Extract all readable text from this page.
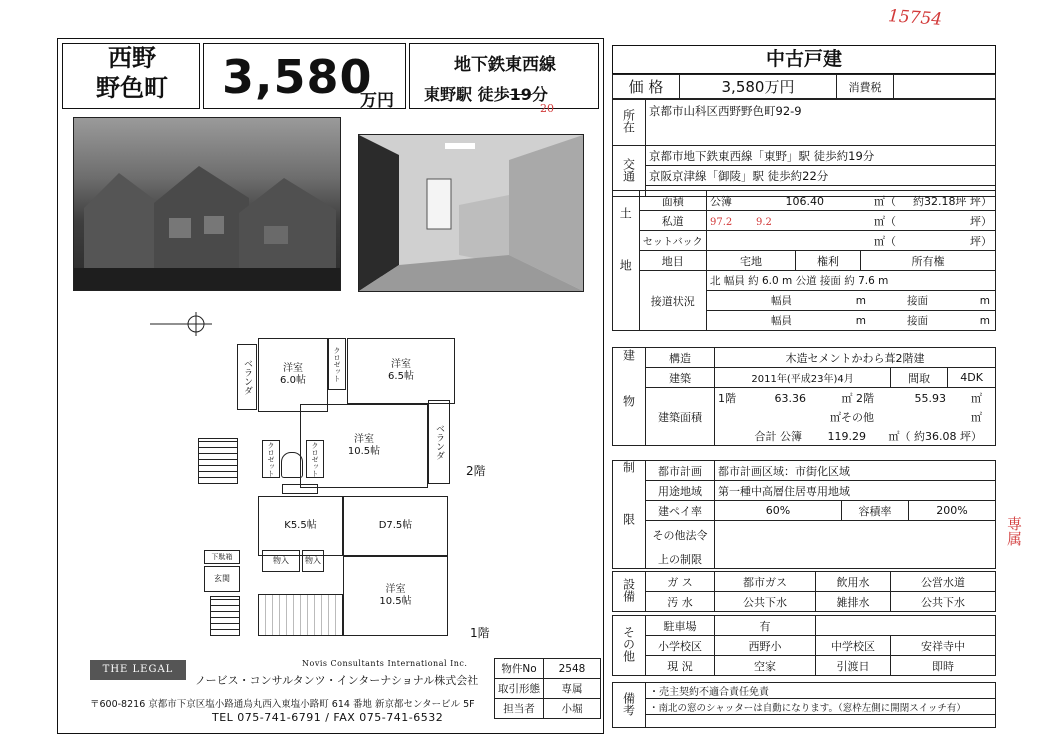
15754
専属
西野
野色町	3,580
万円
地下鉄東西線
東野駅 徒歩19分
20
洋室
6.0帖
洋室
6.5帖
洋室
10.5帖
ベランダ
ベランダ
クロゼット
クロゼット	クロゼット	2階
K5.5帖	D7.5帖
洋室
10.5帖
物入	物入
下駄箱
玄関
1階
THE LEGAL
Novis Consultants International Inc.
ノービス・コンサルタンツ・インターナショナル株式会社
〒600-8216 京都市下京区塩小路通烏丸西入東塩小路町 614 番地 新京都センタービル 5F
TEL 075-741-6791 / FAX 075-741-6532
物件No	2548
取引形態	専属
担当者	小堀
中古戸建
価 格	3,580万円	消費税	
所在	京都市山科区西野野色町92-9
交通	京都市地下鉄東西線「東野」駅 徒歩約19分
京阪京津線「御陵」駅 徒歩約22分

土地	面積	公簿 106.40 ㎡（ 約32.18坪 坪）		
	私道	97.2 9.2 ㎡（ 坪）		
	セットバック	㎡（ 坪）		
	地目	宅地	権利	所有権
	接道状況	北 幅員 約 6.0 m 公道 接面 約 7.6 m		
		幅員 m 接面 m		
		幅員 m 接面 m		
建物	構造	木造セメントかわら葺2階建		
	建築	2011年(平成23年)4月	間取	4DK
	建築面積	1階 63.36 ㎡ 2階 55.93 ㎡		
		㎡その他 ㎡		
		合計 公簿 119.29 ㎡（ 約36.08 坪）		
制限	都市計画	都市計画区域：市街化区域		
	用途地域	第一種中高層住居専用地域		
	建ペイ率	60%	容積率	200%
	その他法令			
	上の制限			
設備	ガ ス	都市ガス	飲用水	公営水道
	汚 水	公共下水	雑排水	公共下水
その他	駐車場	有		
	小学校区	西野小	中学校区	安祥寺中
	現 況	空家	引渡日	即時
備考	・売主契約不適合責任免責
・南北の窓のシャッターは自動になります。（窓枠左側に開閉スイッチ有）
